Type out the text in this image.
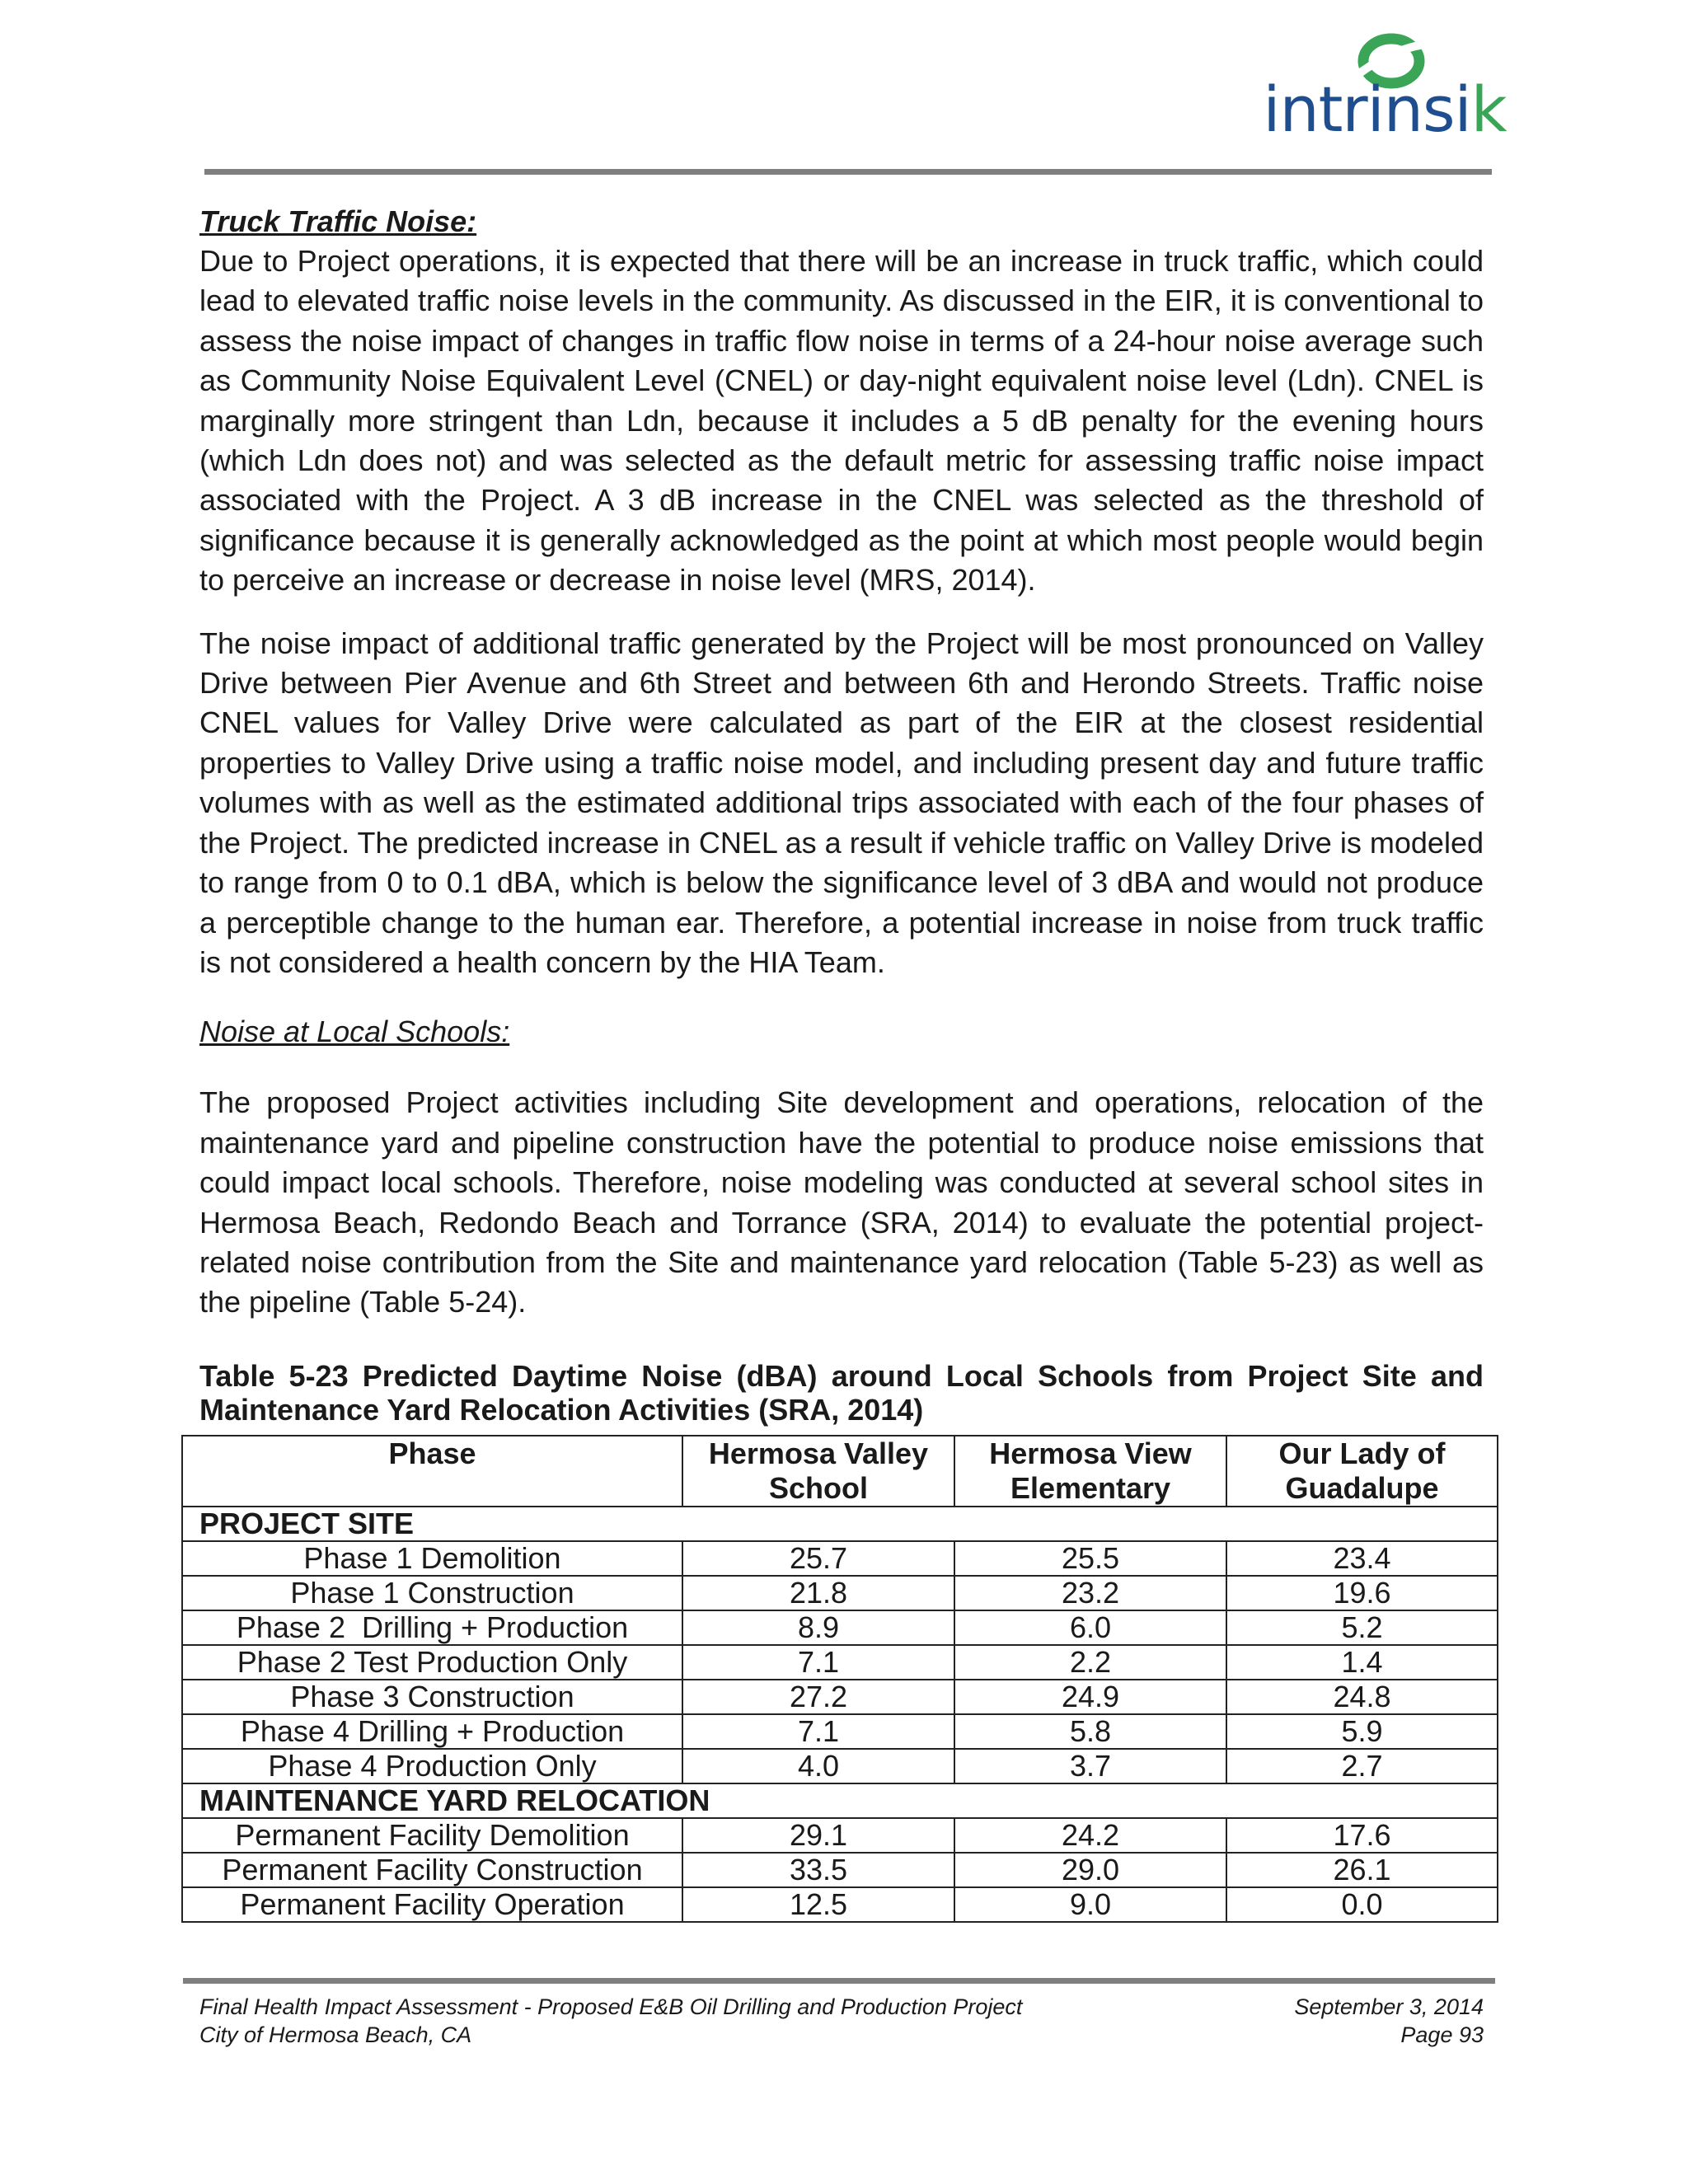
intrinsik
Truck Traffic Noise:

Due to Project operations, it is expected that there will be an increase in truck traffic, which could lead to elevated traffic noise levels in the community. As discussed in the EIR, it is conventional to assess the noise impact of changes in traffic flow noise in terms of a 24-hour noise average such as Community Noise Equivalent Level (CNEL) or day-night equivalent noise level (Ldn). CNEL is marginally more stringent than Ldn, because it includes a 5 dB penalty for the evening hours (which Ldn does not) and was selected as the default metric for assessing traffic noise impact associated with the Project. A 3 dB increase in the CNEL was selected as the threshold of significance because it is generally acknowledged as the point at which most people would begin to perceive an increase or decrease in noise level (MRS, 2014).

The noise impact of additional traffic generated by the Project will be most pronounced on Valley Drive between Pier Avenue and 6th Street and between 6th and Herondo Streets. Traffic noise CNEL values for Valley Drive were calculated as part of the EIR at the closest residential properties to Valley Drive using a traffic noise model, and including present day and future traffic volumes with as well as the estimated additional trips associated with each of the four phases of the Project. The predicted increase in CNEL as a result if vehicle traffic on Valley Drive is modeled to range from 0 to 0.1 dBA, which is below the significance level of 3 dBA and would not produce a perceptible change to the human ear. Therefore, a potential increase in noise from truck traffic is not considered a health concern by the HIA Team.

Noise at Local Schools:

The proposed Project activities including Site development and operations, relocation of the maintenance yard and pipeline construction have the potential to produce noise emissions that could impact local schools. Therefore, noise modeling was conducted at several school sites in Hermosa Beach, Redondo Beach and Torrance (SRA, 2014) to evaluate the potential project-related noise contribution from the Site and maintenance yard relocation (Table 5-23) as well as the pipeline (Table 5-24).

Table 5-23 Predicted Daytime Noise (dBA) around Local Schools from Project Site and Maintenance Yard Relocation Activities (SRA, 2014)
Phase	Hermosa Valley School	Hermosa View Elementary	Our Lady of Guadalupe
PROJECT SITE			
Phase 1 Demolition	25.7	25.5	23.4
Phase 1 Construction	21.8	23.2	19.6
Phase 2  Drilling + Production	8.9	6.0	5.2
Phase 2 Test Production Only	7.1	2.2	1.4
Phase 3 Construction	27.2	24.9	24.8
Phase 4 Drilling + Production	7.1	5.8	5.9
Phase 4 Production Only	4.0	3.7	2.7
MAINTENANCE YARD RELOCATION			
Permanent Facility Demolition	29.1	24.2	17.6
Permanent Facility Construction	33.5	29.0	26.1
Permanent Facility Operation	12.5	9.0	0.0
Final Health Impact Assessment - Proposed E&B Oil Drilling and Production Project
City of Hermosa Beach, CA
September 3, 2014
Page 93
